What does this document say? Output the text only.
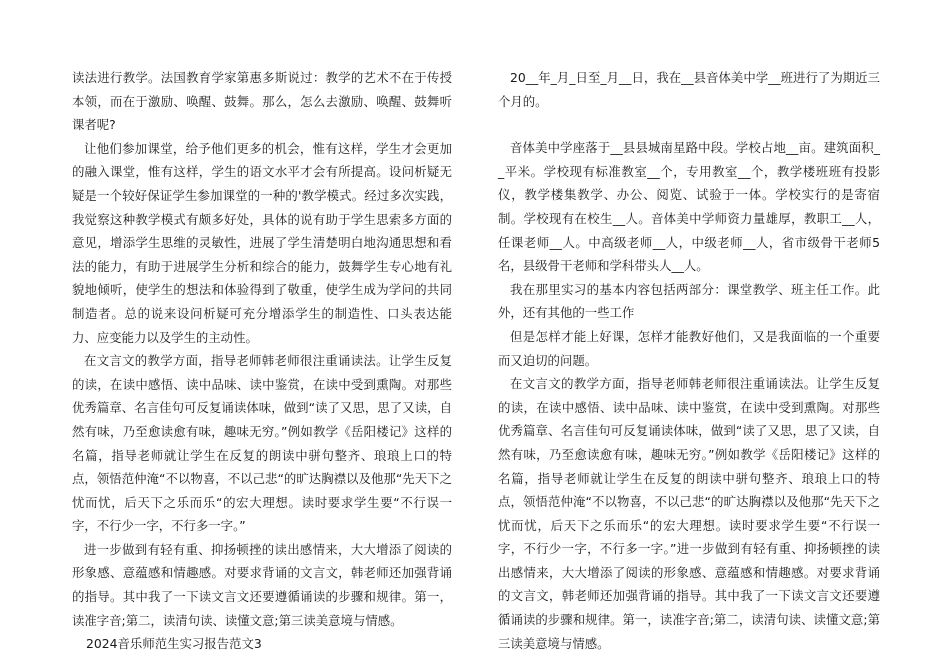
读法进行教学。法国教育学家第惠多斯说过：教学的艺术不在于传授本领，而在于激励、唤醒、鼓舞。那么，怎么去激励、唤醒、鼓舞听课者呢?

让他们参加课堂，给予他们更多的机会，惟有这样，学生才会更加的融入课堂，惟有这样，学生的语文水平才会有所提高。设问析疑无疑是一个较好保证学生参加课堂的一种的'教学模式。经过多次实践，我觉察这种教学模式有颇多好处，具体的说有助于学生思索多方面的意见，增添学生思维的灵敏性，进展了学生清楚明白地沟通思想和看法的能力，有助于进展学生分析和综合的能力，鼓舞学生专心地有礼貌地倾听，使学生的想法和体验得到了敬重，使学生成为学问的共同制造者。总的说来设问析疑可充分增添学生的制造性、口头表达能力、应变能力以及学生的主动性。

在文言文的教学方面，指导老师韩老师很注重诵读法。让学生反复的读，在读中感悟、读中品味、读中鉴赏，在读中受到熏陶。对那些优秀篇章、名言佳句可反复诵读体味，做到“读了又思，思了又读，自然有味，乃至愈读愈有味，趣味无穷。”例如教学《岳阳楼记》这样的名篇，指导老师就让学生在反复的朗读中骈句整齐、琅琅上口的特点，领悟范仲淹“不以物喜，不以己悲“的旷达胸襟以及他那“先天下之忧而忧，后天下之乐而乐“的宏大理想。读时要求学生要“不行误一字，不行少一字，不行多一字。”

进一步做到有轻有重、抑扬顿挫的读出感情来，大大增添了阅读的形象感、意蕴感和情趣感。对要求背诵的文言文，韩老师还加强背诵的指导。其中我了一下读文言文还要遵循诵读的步骤和规律。第一，读准字音;第二，读清句读、读懂文意;第三读美意境与情感。

2024音乐师范生实习报告范文3

20__年_月_日至_月__日，我在__县音体美中学__班进行了为期近三个月的。

音体美中学座落于__县县城南星路中段。学校占地__亩。建筑面积__平米。学校现有标准教室__个，专用教室__个，教学楼班班有投影仪，教学楼集教学、办公、阅览、试验于一体。学校实行的是寄宿制。学校现有在校生__人。音体美中学师资力量雄厚，教职工__人，任课老师__人。中高级老师__人，中级老师__人，省市级骨干老师5名，县级骨干老师和学科带头人__人。

我在那里实习的基本内容包括两部分：课堂教学、班主任工作。此外，还有其他的一些工作

但是怎样才能上好课，怎样才能教好他们，又是我面临的一个重要而又迫切的问题。

在文言文的教学方面，指导老师韩老师很注重诵读法。让学生反复的读，在读中感悟、读中品味、读中鉴赏，在读中受到熏陶。对那些优秀篇章、名言佳句可反复诵读体味，做到“读了又思，思了又读，自然有味，乃至愈读愈有味，趣味无穷。”例如教学《岳阳楼记》这样的名篇，指导老师就让学生在反复的朗读中骈句整齐、琅琅上口的特点，领悟范仲淹“不以物喜，不以己悲“的旷达胸襟以及他那“先天下之忧而忧，后天下之乐而乐“的宏大理想。读时要求学生要“不行误一字，不行少一字，不行多一字。”进一步做到有轻有重、抑扬顿挫的读出感情来，大大增添了阅读的形象感、意蕴感和情趣感。对要求背诵的文言文，韩老师还加强背诵的指导。其中我了一下读文言文还要遵循诵读的步骤和规律。第一，读准字音;第二，读清句读、读懂文意;第三读美意境与情感。
